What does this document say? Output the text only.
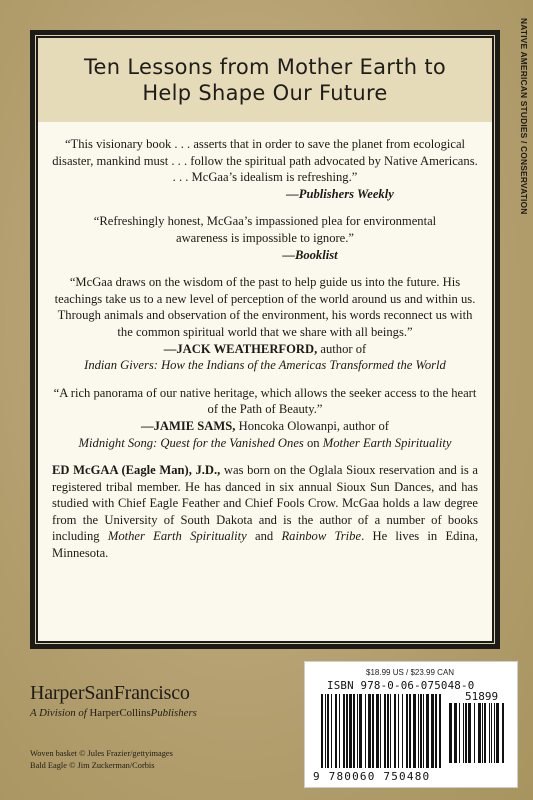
NATIVE AMERICAN STUDIES / CONSERVATION
Ten Lessons from Mother Earth to
Help Shape Our Future

“This visionary book . . . asserts that in order to save the planet from ecological disaster, mankind must . . . follow the spiritual path advocated by Native Americans. . . . McGaa’s idealism is refreshing.”

—Publishers Weekly

“Refreshingly honest, McGaa’s impassioned plea for environmental awareness is impossible to ignore.”

—Booklist

“McGaa draws on the wisdom of the past to help guide us into the future. His teachings take us to a new level of perception of the world around us and within us. Through animals and observation of the environment, his words reconnect us with the common spiritual world that we share with all beings.”

—JACK WEATHERFORD, author of

Indian Givers: How the Indians of the Americas Transformed the World

“A rich panorama of our native heritage, which allows the seeker access to the heart of the Path of Beauty.”

—JAMIE SAMS, Honcoka Olowanpi, author of

Midnight Song: Quest for the Vanished Ones on Mother Earth Spirituality

ED McGAA (Eagle Man), J.D., was born on the Oglala Sioux reservation and is a registered tribal member. He has danced in six annual Sioux Sun Dances, and has studied with Chief Eagle Feather and Chief Fools Crow. McGaa holds a law degree from the University of South Dakota and is the author of a number of books including Mother Earth Spirituality and Rainbow Tribe. He lives in Edina, Minnesota.
HarperSanFrancisco
A Division of HarperCollinsPublishers
Woven basket © Jules Frazier/gettyimages
Bald Eagle © Jim Zuckerman/Corbis
$18.99 US / $23.99 CAN
ISBN 978-0-06-075048-0
51899
9 780060 750480
